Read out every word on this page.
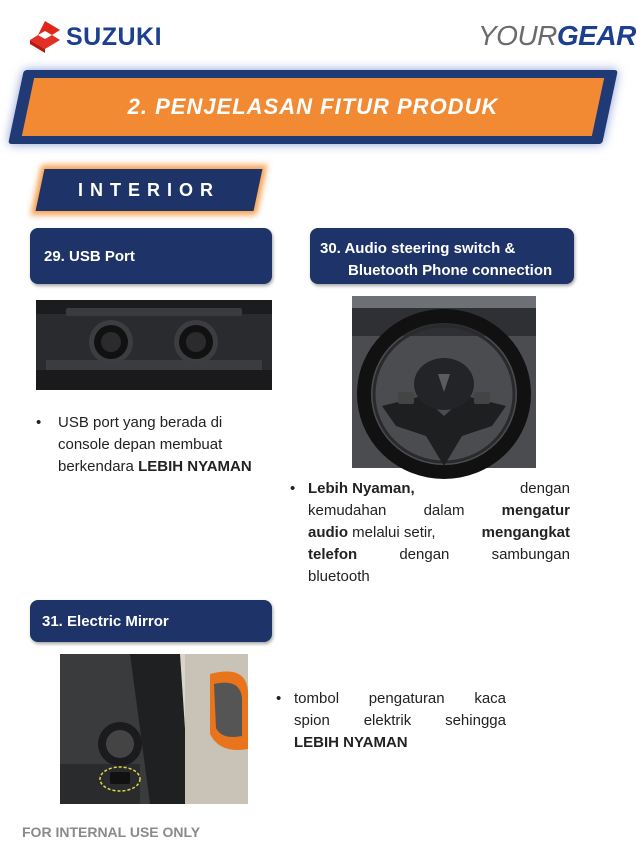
SUZUKI	YOURGEAR
2. PENJELASAN FITUR PRODUK
INTERIOR
29. USB Port
• USB port yang berada di
console depan membuat
berkendara LEBIH NYAMAN
30. Audio steering switch &
Bluetooth Phone connection
• Lebih Nyaman,	dengan
kemudahan dalam mengatur
audio melalui setir,	mengangkat
telefon	dengan	sambungan
bluetooth
31. Electric Mirror
• tombol pengaturan kaca
spion elektrik sehingga
LEBIH NYAMAN
FOR INTERNAL USE ONLY
